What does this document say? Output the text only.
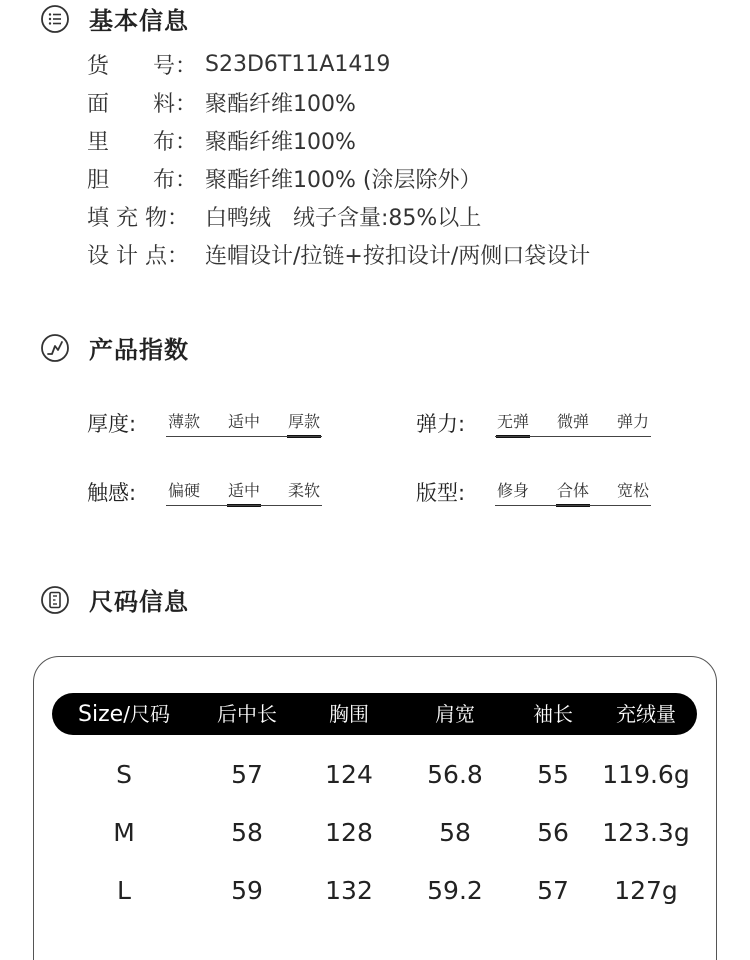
基本信息
货　　号： S23D6T11A1419
面　　料： 聚酯纤维100%
里　　布： 聚酯纤维100%
胆　　布： 聚酯纤维100% (涂层除外）
填 充 物： 白鸭绒　绒子含量:85%以上
设 计 点： 连帽设计/拉链+按扣设计/两侧口袋设计
产品指数
厚度:	薄款 适中 厚款	弹力:	无弹 微弹 弹力
触感:	偏硬 适中 柔软	版型:	修身 合体 宽松
尺码信息
Size/尺码	后中长	胸围	肩宽	袖长	充绒量
S	57	124	56.8	55	119.6g
M	58	128	58	56	123.3g
L	59	132	59.2	57	127g
